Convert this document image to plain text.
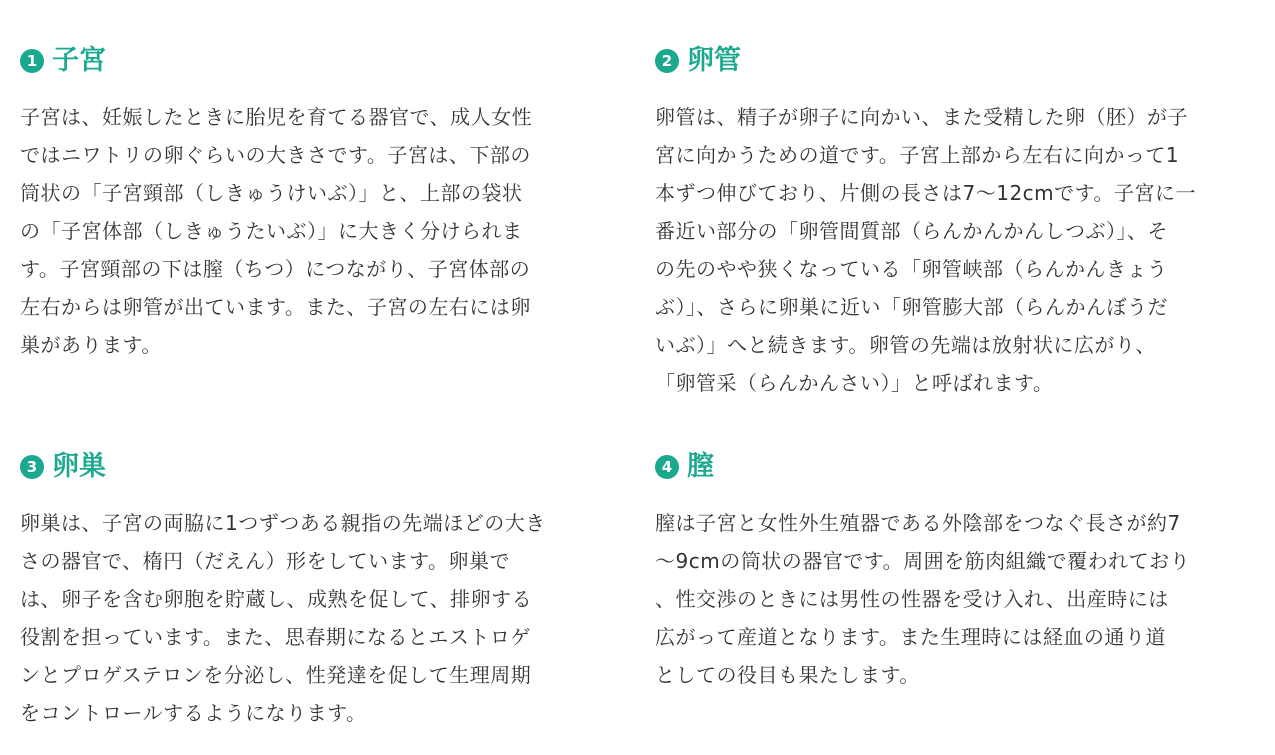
1 子宮
子宮は、妊娠したときに胎児を育てる器官で、成人女性
ではニワトリの卵ぐらいの大きさです。子宮は、下部の
筒状の「子宮頸部（しきゅうけいぶ）」と、上部の袋状
の「子宮体部（しきゅうたいぶ）」に大きく分けられま
す。子宮頸部の下は膣（ちつ）につながり、子宮体部の
左右からは卵管が出ています。また、子宮の左右には卵
巣があります。
2 卵管
卵管は、精子が卵子に向かい、また受精した卵（胚）が子
宮に向かうための道です。子宮上部から左右に向かって1
本ずつ伸びており、片側の長さは7〜12cmです。子宮に一
番近い部分の「卵管間質部（らんかんかんしつぶ）」、そ
の先のやや狭くなっている「卵管峡部（らんかんきょう
ぶ）」、さらに卵巣に近い「卵管膨大部（らんかんぼうだ
いぶ）」へと続きます。卵管の先端は放射状に広がり、
「卵管采（らんかんさい）」と呼ばれます。
3 卵巣
卵巣は、子宮の両脇に1つずつある親指の先端ほどの大き
さの器官で、楕円（だえん）形をしています。卵巣で
は、卵子を含む卵胞を貯蔵し、成熟を促して、排卵する
役割を担っています。また、思春期になるとエストロゲ
ンとプロゲステロンを分泌し、性発達を促して生理周期
をコントロールするようになります。
4 膣
膣は子宮と女性外生殖器である外陰部をつなぐ長さが約7
〜9cmの筒状の器官です。周囲を筋肉組織で覆われており
、性交渉のときには男性の性器を受け入れ、出産時には
広がって産道となります。また生理時には経血の通り道
としての役目も果たします。
